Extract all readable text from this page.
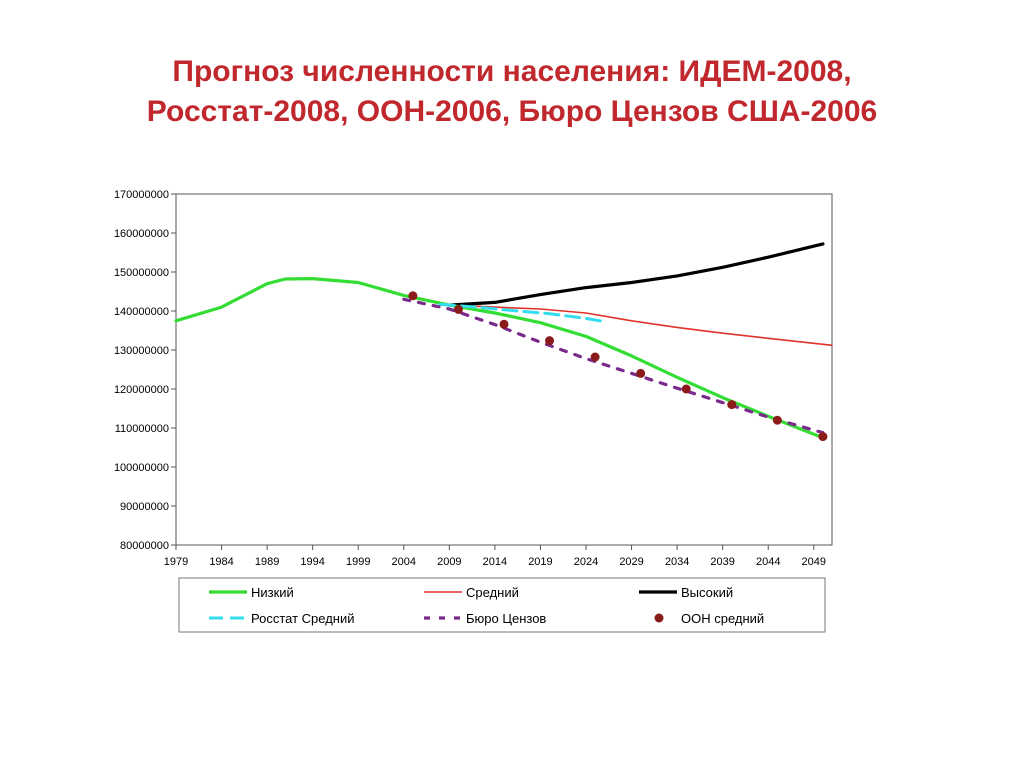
Прогноз численности населения: ИДЕМ-2008,
Росстат-2008, ООН-2006, Бюро Цензов США-2006
170000000
160000000
150000000
140000000
130000000
120000000
110000000
100000000
90000000
80000000
1979 1984 1989 1994 1999 2004 2009 2014 2019 2024 2029 2034 2039 2044 2049
Низкий	Средний	Высокий
Росстат Средний	Бюро Цензов	ООН средний
